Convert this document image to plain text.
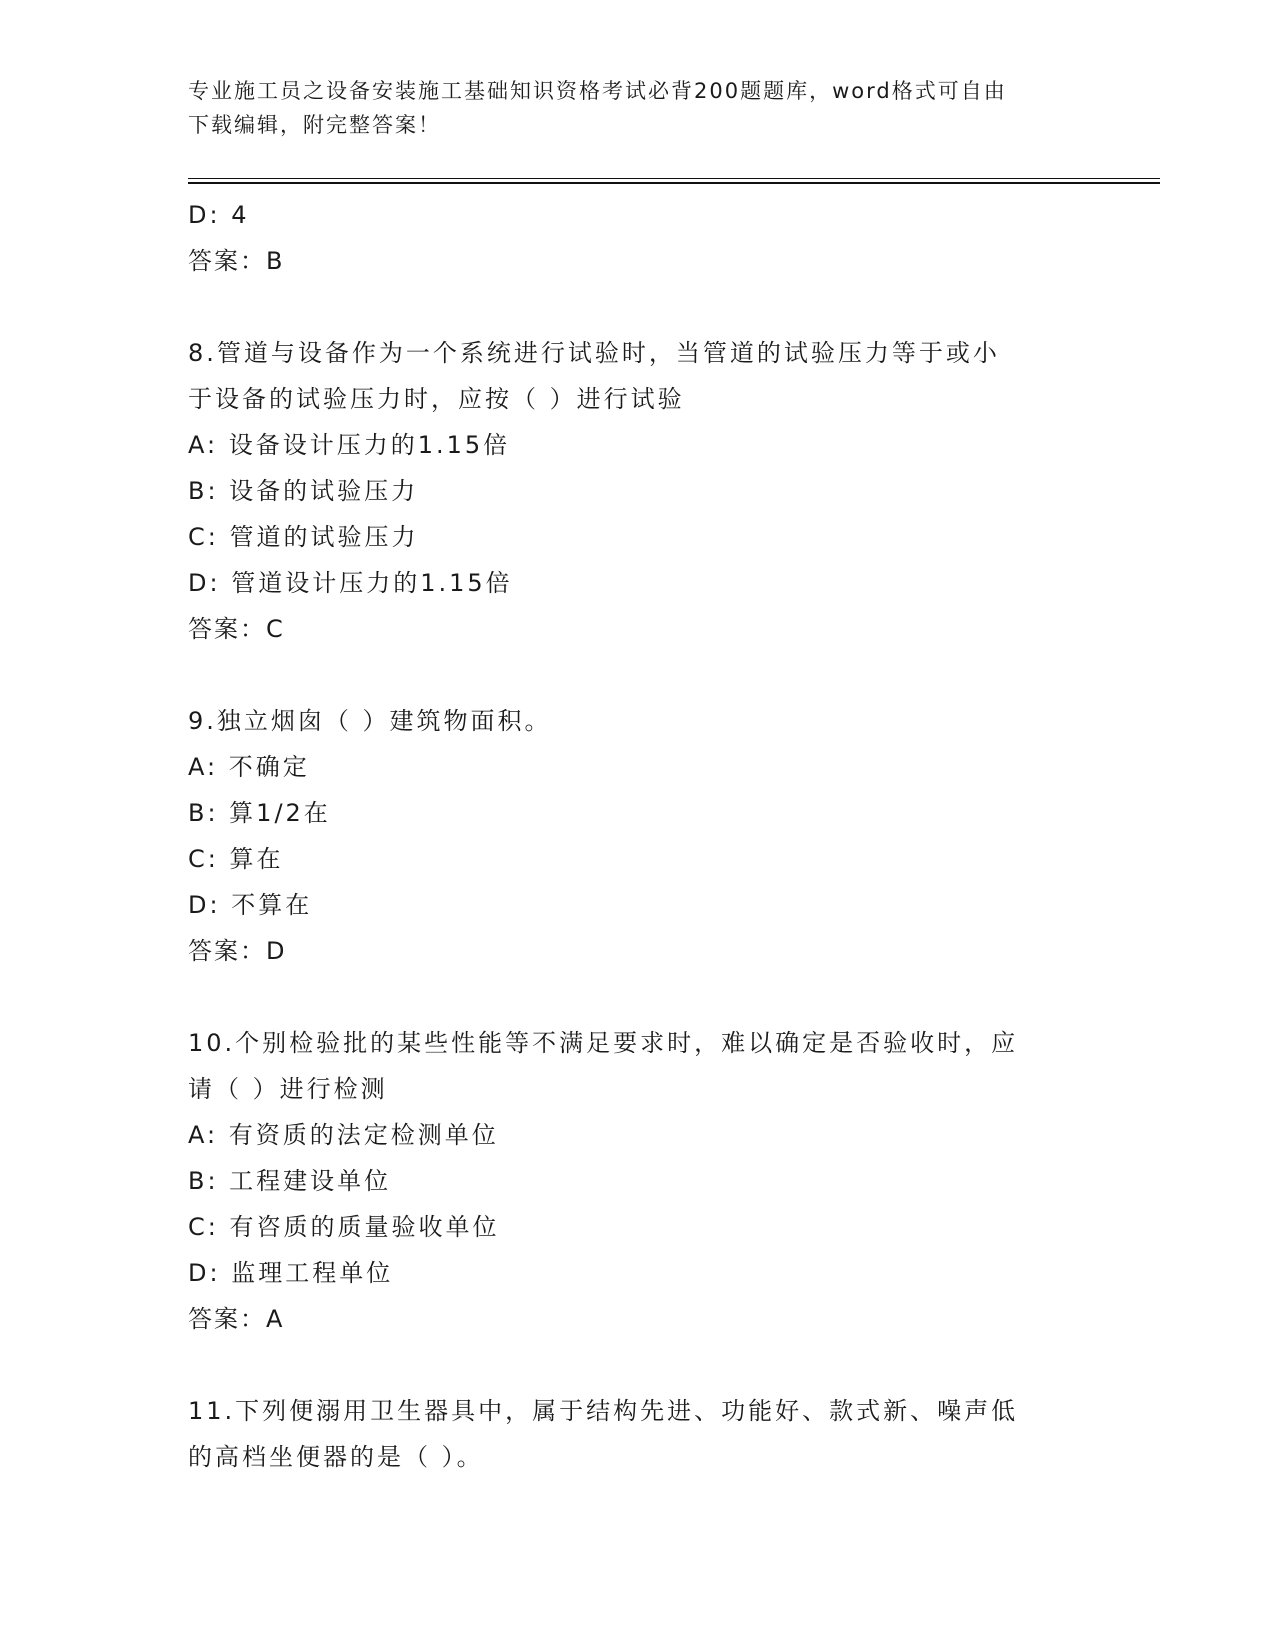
专业施工员之设备安装施工基础知识资格考试必背200题题库，word格式可自由
下载编辑，附完整答案！
D: 4
答案：B
8.管道与设备作为一个系统进行试验时，当管道的试验压力等于或小
于设备的试验压力时，应按（ ）进行试验
A: 设备设计压力的1.15倍
B: 设备的试验压力
C: 管道的试验压力
D: 管道设计压力的1.15倍
答案：C
9.独立烟囱（ ）建筑物面积。
A: 不确定
B: 算1/2在
C: 算在
D: 不算在
答案：D
10.个别检验批的某些性能等不满足要求时，难以确定是否验收时，应
请（ ）进行检测
A: 有资质的法定检测单位
B: 工程建设单位
C: 有咨质的质量验收单位
D: 监理工程单位
答案：A
11.下列便溺用卫生器具中，属于结构先进、功能好、款式新、噪声低
的高档坐便器的是（ ）。
